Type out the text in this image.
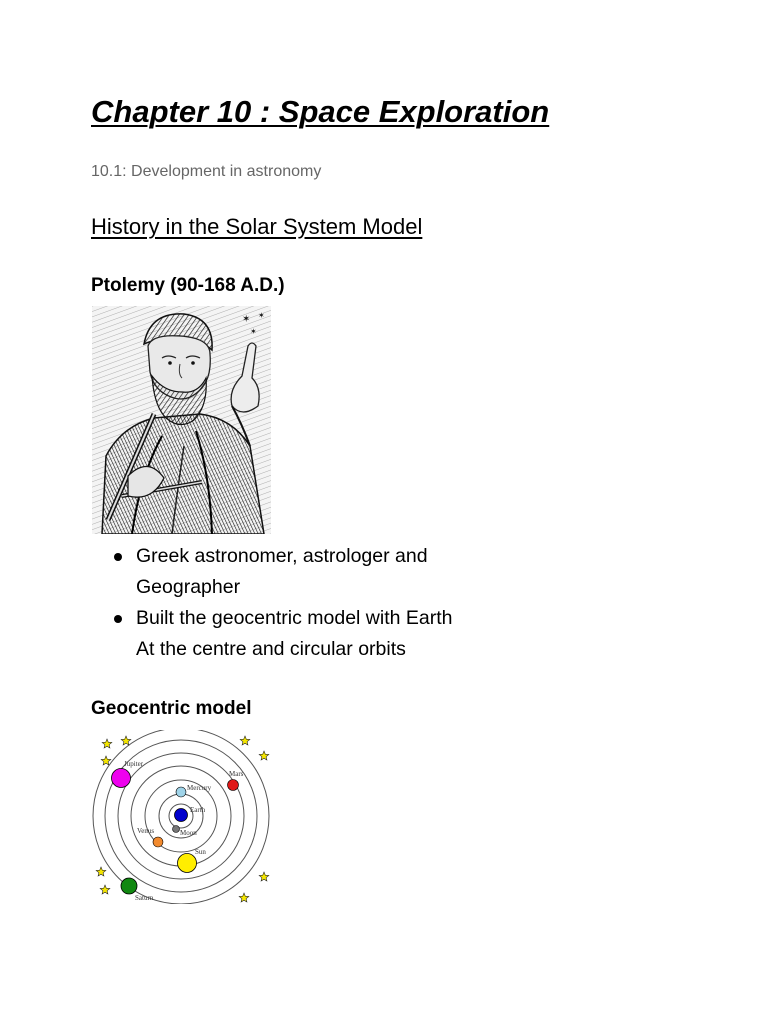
Chapter 10 : Space Exploration

10.1: Development in astronomy

History in the Solar System Model
Ptolemy (90-168 A.D.)
✶ ✶
✶
Greek astronomer, astrologer and
Geographer
Built the geocentric model with Earth
At the centre and circular orbits
Geocentric model
Earth
Moon
Mercury
Venus
Sun
Mars
Jupiter
Saturn
